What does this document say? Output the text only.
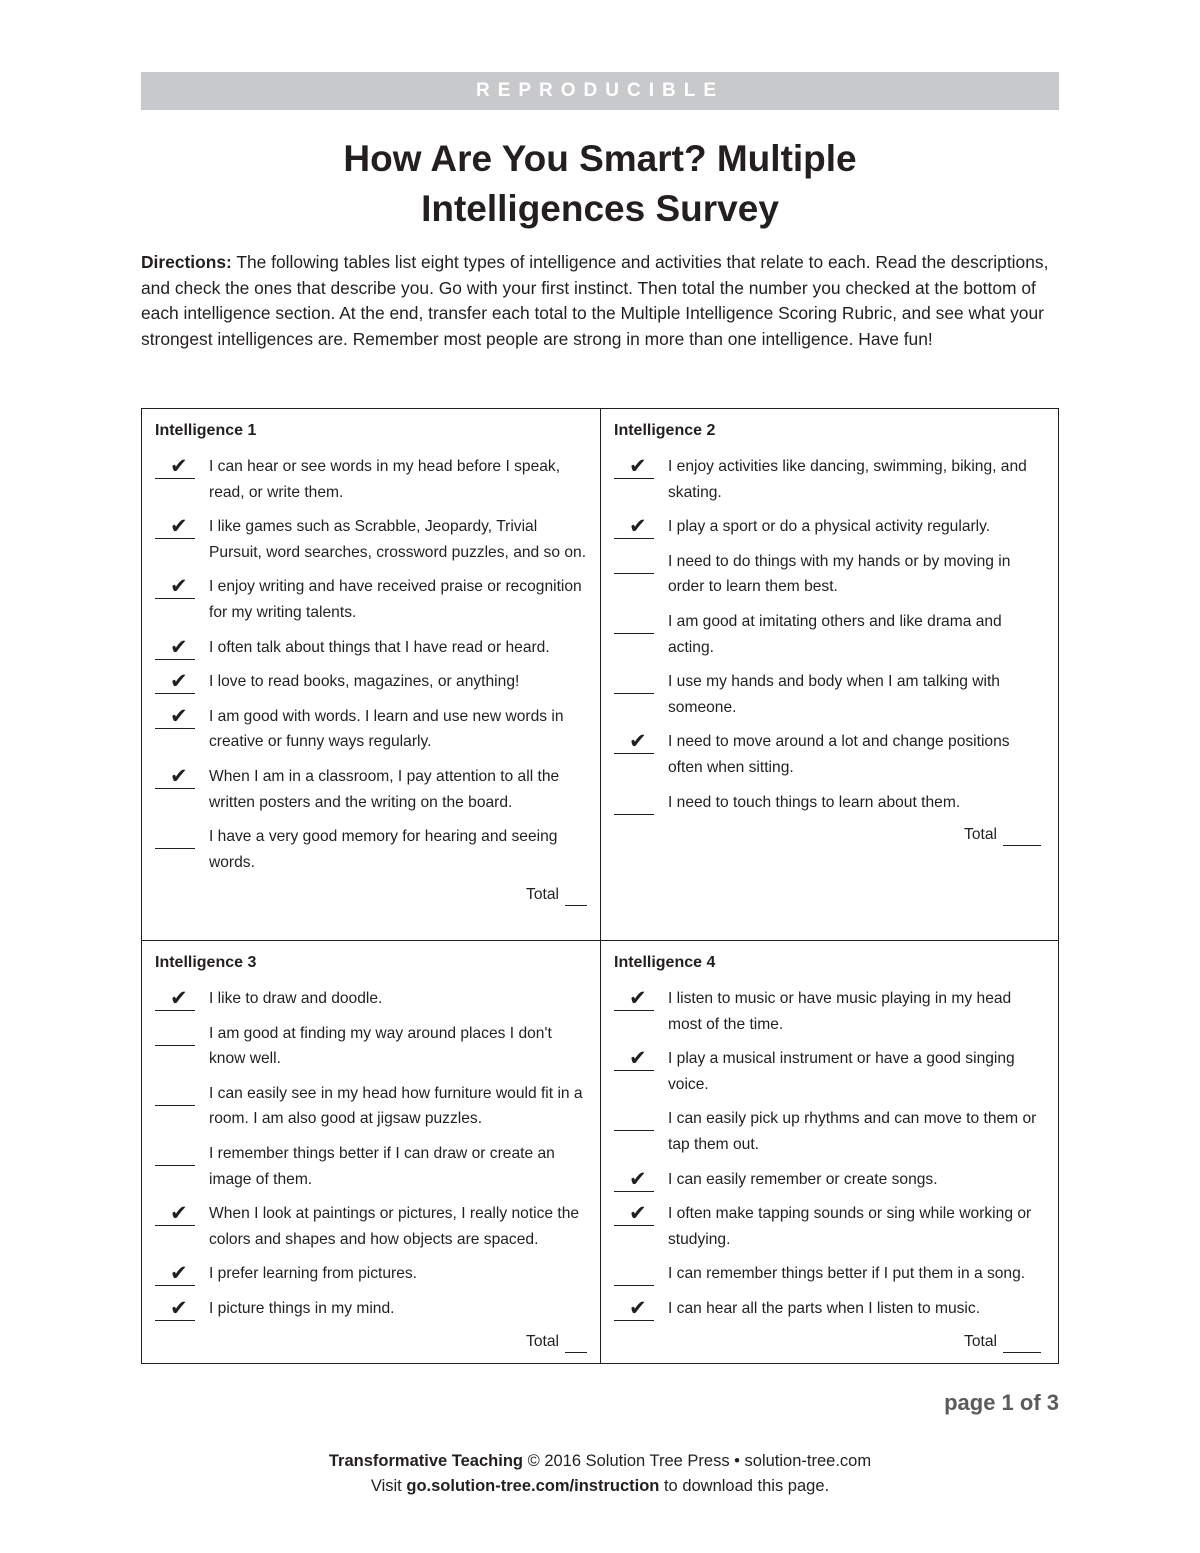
REPRODUCIBLE
How Are You Smart? Multiple
Intelligences Survey
Directions: The following tables list eight types of intelligence and activities that relate to each. Read the descriptions, and check the ones that describe you. Go with your first instinct. Then total the number you checked at the bottom of each intelligence section. At the end, transfer each total to the Multiple Intelligence Scoring Rubric, and see what your strongest intelligences are. Remember most people are strong in more than one intelligence. Have fun!
Intelligence 1
✔ I can hear or see words in my head before I speak, read, or write them.
✔ I like games such as Scrabble, Jeopardy, Trivial Pursuit, word searches, crossword puzzles, and so on.
✔ I enjoy writing and have received praise or recognition for my writing talents.
✔ I often talk about things that I have read or heard.
✔ I love to read books, magazines, or anything!
✔ I am good with words. I learn and use new words in creative or funny ways regularly.
✔ When I am in a classroom, I pay attention to all the written posters and the writing on the board.
I have a very good memory for hearing and seeing words.
Total
Intelligence 2
✔ I enjoy activities like dancing, swimming, biking, and skating.
✔ I play a sport or do a physical activity regularly.
I need to do things with my hands or by moving in order to learn them best.
I am good at imitating others and like drama and acting.
I use my hands and body when I am talking with someone.
✔ I need to move around a lot and change positions often when sitting.
I need to touch things to learn about them.
Total
Intelligence 3
✔ I like to draw and doodle.
I am good at finding my way around places I don't know well.
I can easily see in my head how furniture would fit in a room. I am also good at jigsaw puzzles.
I remember things better if I can draw or create an image of them.
✔ When I look at paintings or pictures, I really notice the colors and shapes and how objects are spaced.
✔ I prefer learning from pictures.
✔ I picture things in my mind.
Total
Intelligence 4
✔ I listen to music or have music playing in my head most of the time.
✔ I play a musical instrument or have a good singing voice.
I can easily pick up rhythms and can move to them or tap them out.
✔ I can easily remember or create songs.
✔ I often make tapping sounds or sing while working or studying.
I can remember things better if I put them in a song.
✔ I can hear all the parts when I listen to music.
Total
page 1 of 3
Transformative Teaching © 2016 Solution Tree Press • solution-tree.com
Visit go.solution-tree.com/instruction to download this page.
